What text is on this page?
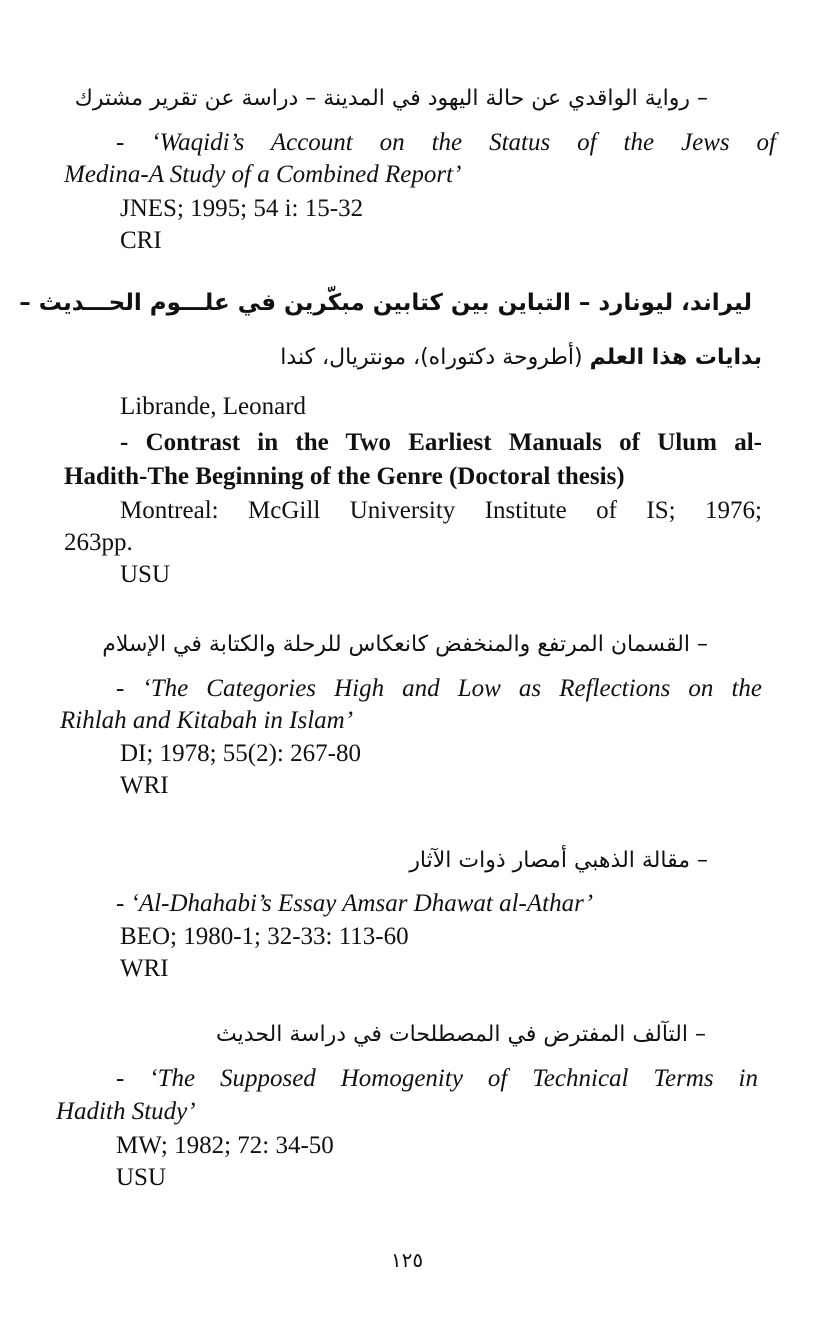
– رواية الواقدي عن حالة اليهود في المدينة – دراسة عن تقرير مشترك
- ‘Waqidi’s Account on the Status of the Jews of
Medina-A Study of a Combined Report’
JNES; 1995; 54 i: 15-32
CRI
ليراند، ليونارد – التباين بين كتابين مبكّرين في علـــوم الحـــديث –
بدايات هذا العلم (أطروحة دكتوراه)، مونتريال، كندا
Librande, Leonard
- Contrast in the Two Earliest Manuals of Ulum al-
Hadith-The Beginning of the Genre (Doctoral thesis)
Montreal: McGill University Institute of IS; 1976;
263pp.
USU
– القسمان المرتفع والمنخفض كانعكاس للرحلة والكتابة في الإسلام
- ‘The Categories High and Low as Reflections on the
Rihlah and Kitabah in Islam’
DI; 1978; 55(2): 267-80
WRI
– مقالة الذهبي أمصار ذوات الآثار
- ‘Al-Dhahabi’s Essay Amsar Dhawat al-Athar’
BEO; 1980-1; 32-33: 113-60
WRI
– التآلف المفترض في المصطلحات في دراسة الحديث
- ‘The Supposed Homogenity of Technical Terms in
Hadith Study’
MW; 1982; 72: 34-50
USU
١٢٥
